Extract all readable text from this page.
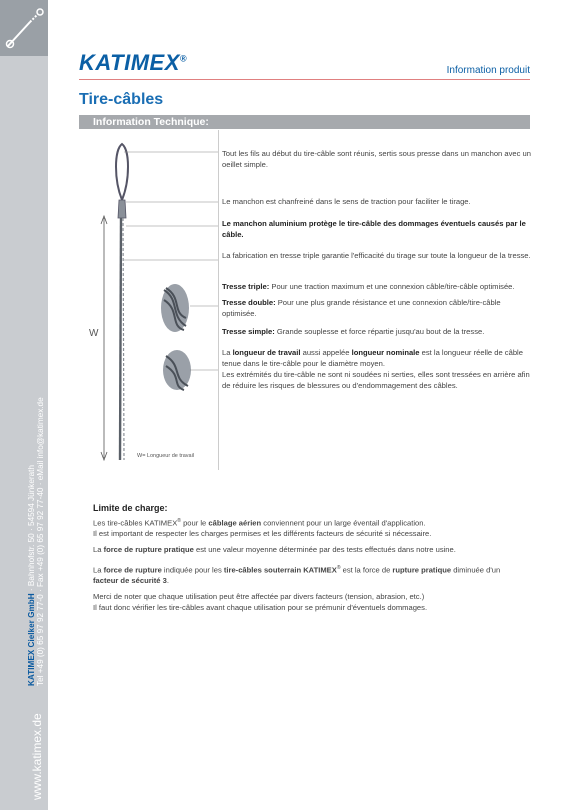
KATIMEX Cielker GmbH · Bahnhofstr. 50 · 54594 Jünkerath Tel +49 (0) 65 97 92 77-0 · Fax +49 (0) 65 97 92 77-40 · eMail info@katimex.de
www.katimex.de
KATIMEX®
Information produit
Tire-câbles
Information Technique:
W
W= Longueur de travail
Tout les fils au début du tire-câble sont réunis, sertis sous presse dans un manchon avec un oeillet simple.
Le manchon est chanfreiné dans le sens de traction pour faciliter le tirage.
Le manchon aluminium protège le tire-câble des dommages éventuels causés par le câble.
La fabrication en tresse triple garantie l'efficacité du tirage sur toute la longueur de la tresse.
Tresse triple: Pour une traction maximum et une connexion câble/tire-câble optimisée.
Tresse double: Pour une plus grande résistance et une connexion câble/tire-câble optimisée.
Tresse simple: Grande souplesse et force répartie jusqu'au bout de la tresse.
La longueur de travail aussi appelée longueur nominale est la longueur réelle de câble tenue dans le tire-câble pour le diamètre moyen.
Les extrémités du tire-câble ne sont ni soudées ni serties, elles sont tressées en arrière afin de réduire les risques de blessures ou d'endommagement des câbles.
Limite de charge:
Les tire-câbles KATIMEX® pour le câblage aérien conviennent pour un large éventail d'application.
Il est important de respecter les charges permises et les différents facteurs de sécurité si nécessaire.
La force de rupture pratique est une valeur moyenne déterminée par des tests effectués dans notre usine.
La force de rupture indiquée pour les tire-câbles souterrain KATIMEX® est la force de rupture pratique diminuée d'un facteur de sécurité 3.
Merci de noter que chaque utilisation peut être affectée par divers facteurs (tension, abrasion, etc.)
Il faut donc vérifier les tire-câbles avant chaque utilisation pour se prémunir d'éventuels dommages.
